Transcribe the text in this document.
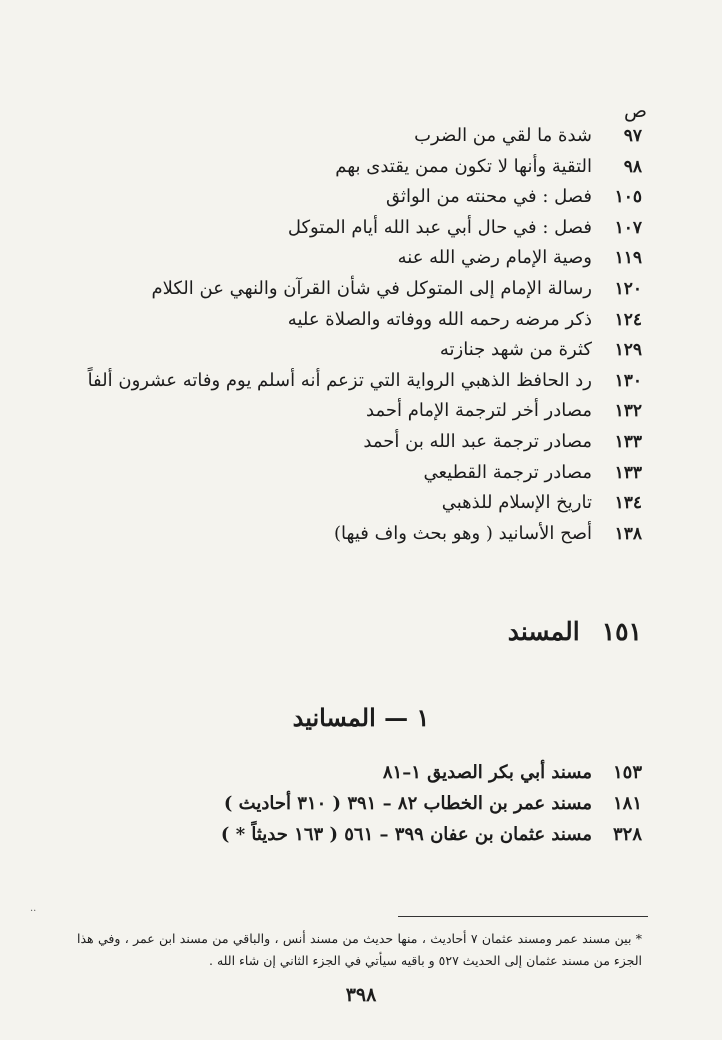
ص
٩٧
شدة ما لقي من الضرب
٩٨
التقية وأنها لا تكون ممن يقتدى بهم
١٠٥
فصل : في محنته من الواثق
١٠٧
فصل : في حال أبي عبد الله أيام المتوكل
١١٩
وصية الإمام رضي الله عنه
١٢٠
رسالة الإمام إلى المتوكل في شأن القرآن والنهي عن الكلام
١٢٤
ذكر مرضه رحمه الله ووفاته والصلاة عليه
١٢٩
كثرة من شهد جنازته
١٣٠
رد الحافظ الذهبي الرواية التي تزعم أنه أسلم يوم وفاته عشرون ألفاً
١٣٢
مصادر أخر لترجمة الإمام أحمد
١٣٣
مصادر ترجمة عبد الله بن أحمد
١٣٣
مصادر ترجمة القطيعي
١٣٤
تاريخ الإسلام للذهبي
١٣٨
أصح الأسانيد ( وهو بحث واف فيها)
١٥١المسند
١ — المسانيد
١٥٣
مسند أبي بكر الصديق ١–٨١
١٨١
مسند عمر بن الخطاب ٨٢ – ٣٩١ ( ٣١٠ أحاديث )
٣٢٨
مسند عثمان بن عفان ٣٩٩ – ٥٦١ ( ١٦٣ حديثاً * )
··
* بين مسند عمر ومسند عثمان ٧ أحاديث ، منها حديث من مسند أنس ، والباقي من مسند ابن عمر ، وفي هذا الجزء من مسند عثمان إلى الحديث ٥٢٧ و باقيه سيأتي في الجزء الثاني إن شاء الله .
٣٩٨
